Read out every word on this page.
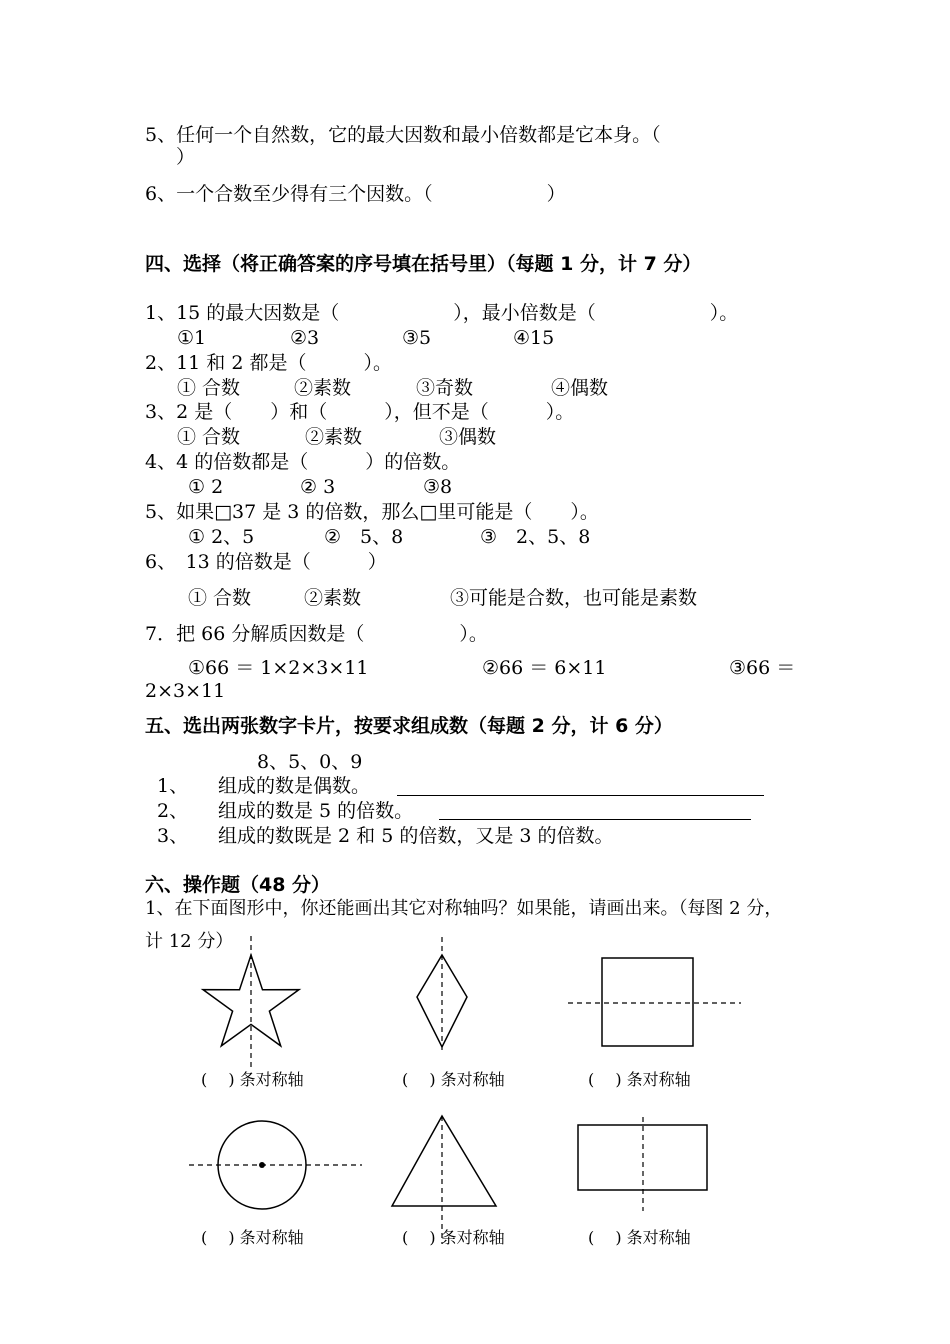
5、任何一个自然数，它的最大因数和最小倍数都是它本身。（
）
6、一个合数至少得有三个因数。（　　　　　　）
四、选择（将正确答案的序号填在括号里）（每题 1 分，计 7 分）
1、15 的最大因数是（　　　　　　），最小倍数是（　　　　　　）。
①1	②3	③5	④15
2、11 和 2 都是（　　　）。
① 合数	②素数	③奇数	④偶数
3、2 是（　　）和（　　　），但不是（　　　）。
① 合数	②素数	③偶数
4、4 的倍数都是（　　　）的倍数。
① 2	② 3	③8
5、如果□37 是 3 的倍数，那么□里可能是（　　）。
① 2、5	②　5、8	③　2、5、8
6、　13 的倍数是（　　　）
① 合数	②素数	③可能是合数，也可能是素数
7．把 66 分解质因数是（　　　　　）。
①66 ＝ 1×2×3×11	②66 ＝ 6×11	③66 ＝
2×3×11
五、选出两张数字卡片，按要求组成数（每题 2 分，计 6 分）
8、5、0、9
1、 组成的数是偶数。
2、 组成的数是 5 的倍数。
3、 组成的数既是 2 和 5 的倍数，又是 3 的倍数。
六、操作题（48 分）
1、在下面图形中，你还能画出其它对称轴吗？如果能，请画出来。（每图 2 分，
计 12 分）
(　 ) 条对称轴	(　 ) 条对称轴	(　 ) 条对称轴
(　 ) 条对称轴	(　 ) 条对称轴	(　 ) 条对称轴
